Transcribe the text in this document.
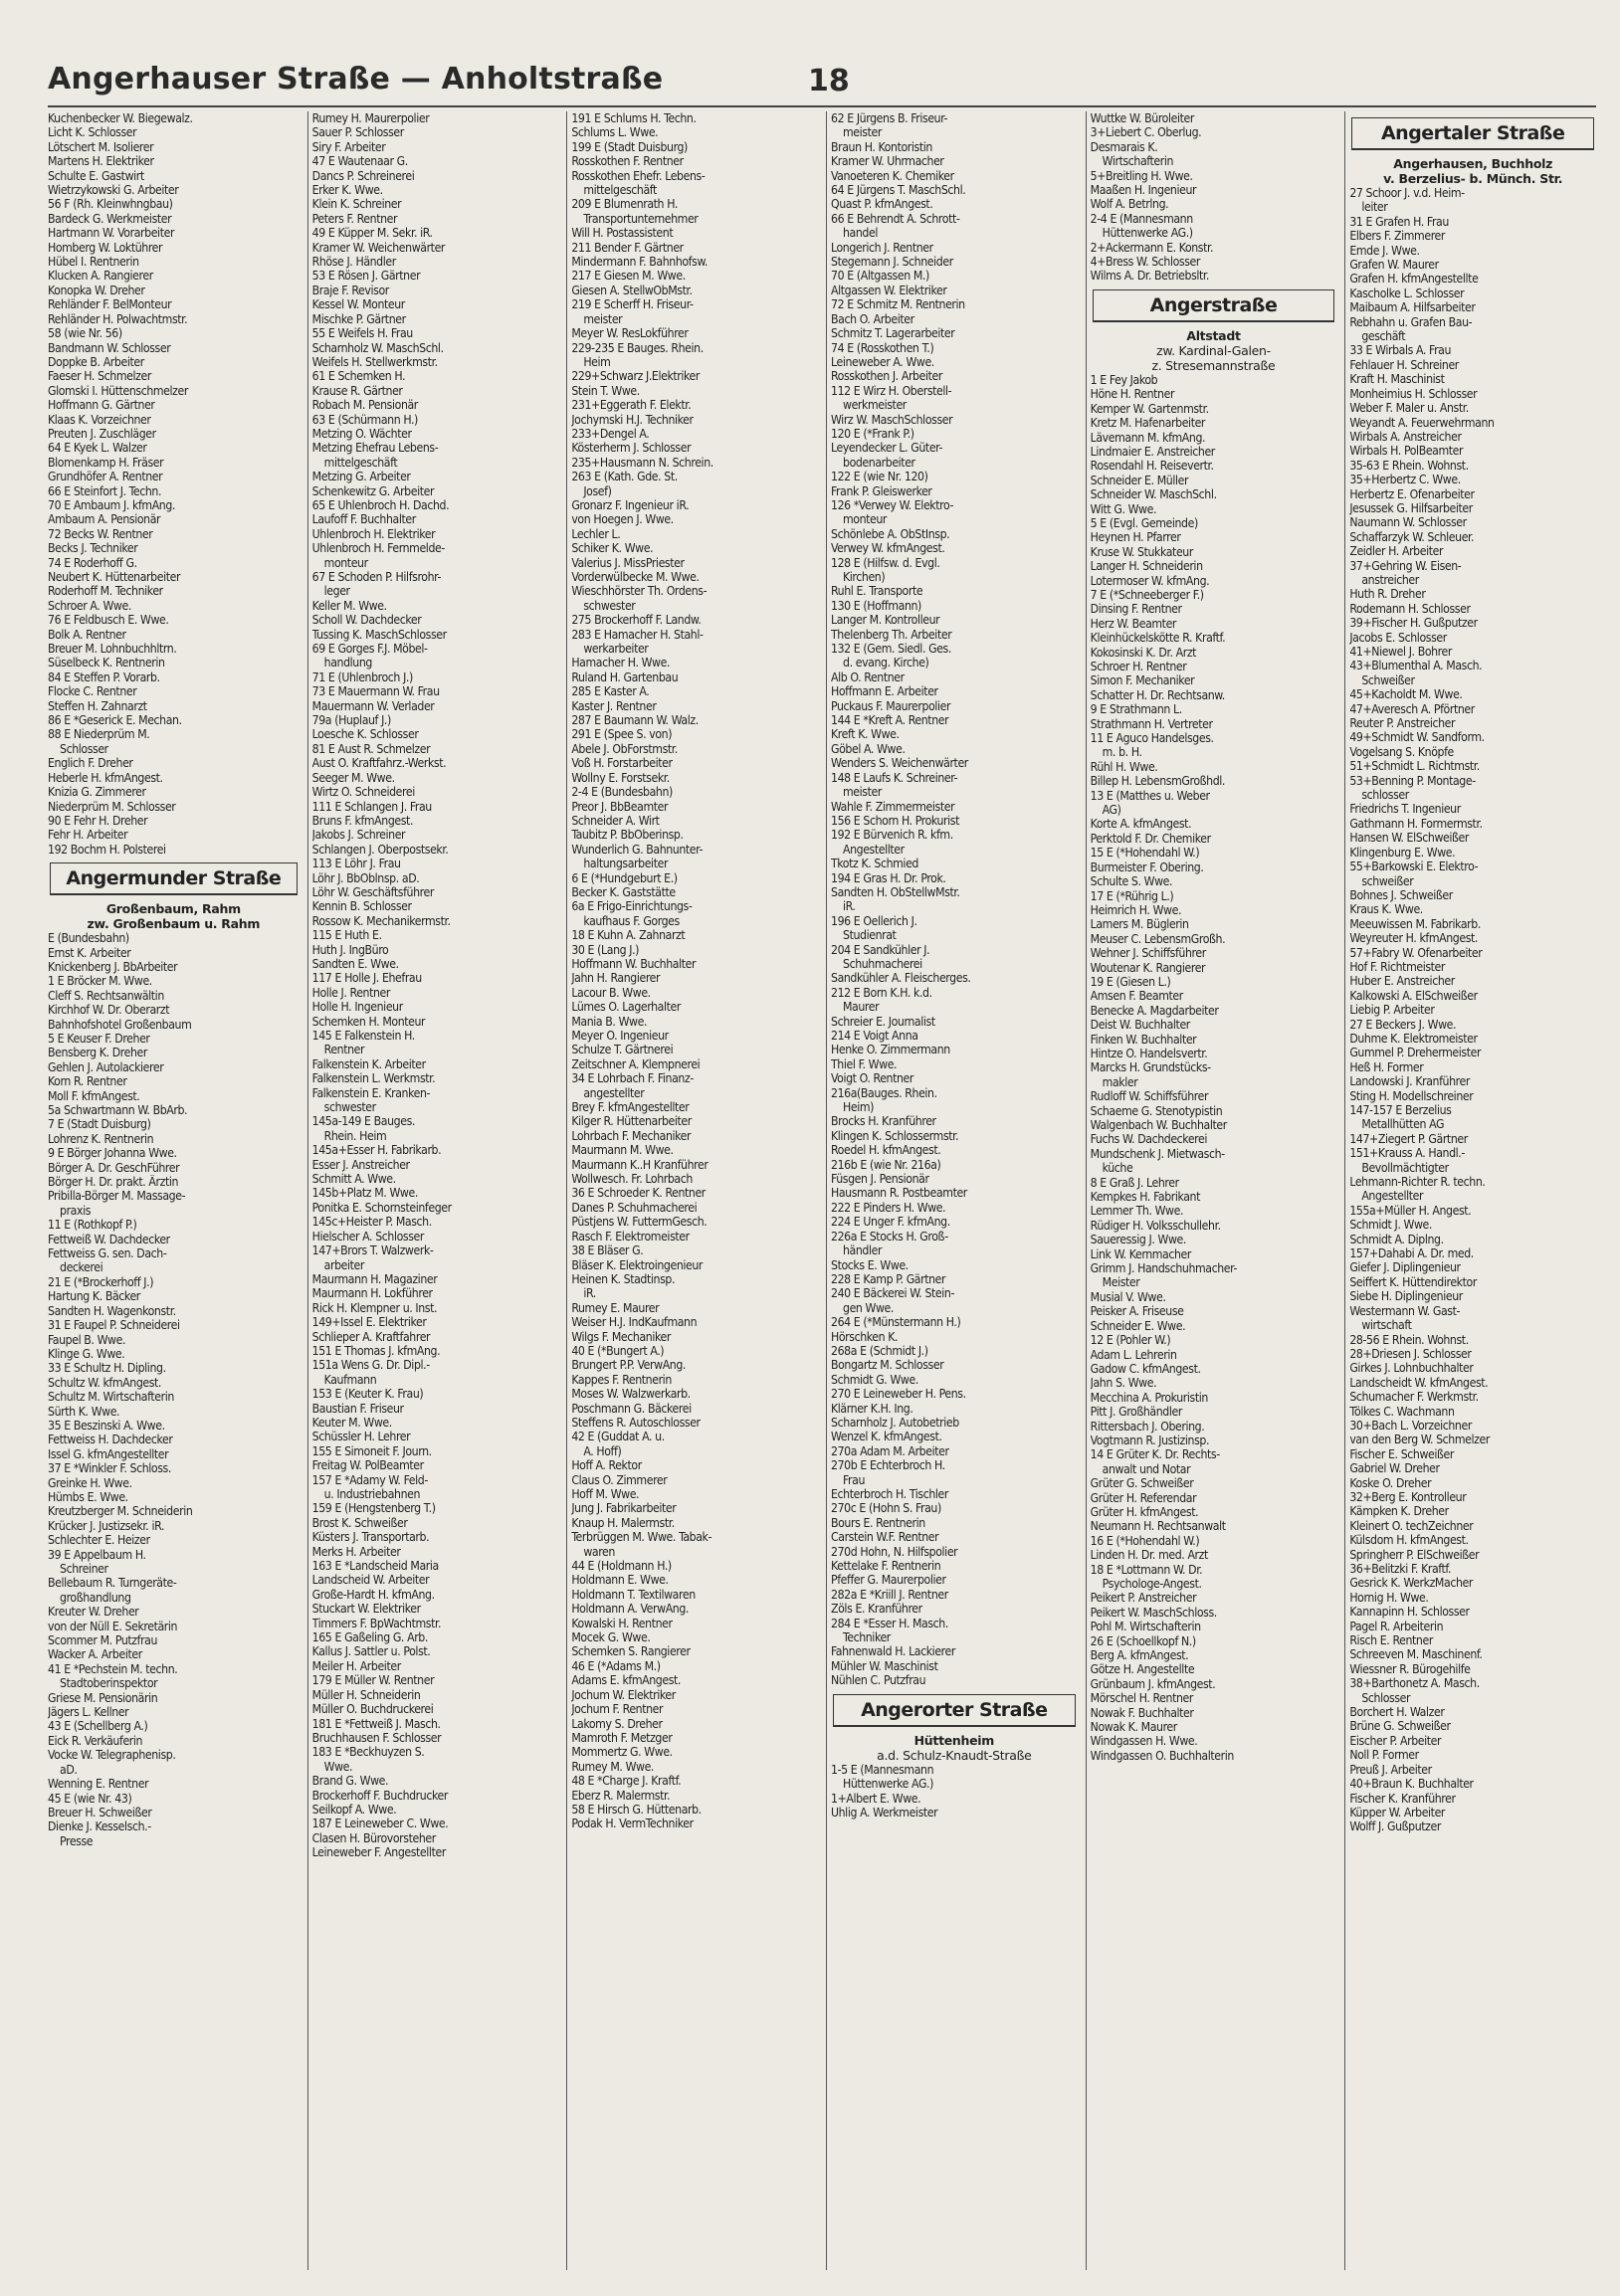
Angerhauser Straße — Anholtstraße	18
Kuchenbecker W. Biegewalz.
Licht K. Schlosser
Lötschert M. Isolierer
Martens H. Elektriker
Schulte E. Gastwirt
Wietrzykowski G. Arbeiter
56 F (Rh. Kleinwhngbau)
Bardeck G. Werkmeister
Hartmann W. Vorarbeiter
Homberg W. Loktührer
Hübel I. Rentnerin
Klucken A. Rangierer
Konopka W. Dreher
Rehländer F. BelMonteur
Rehländer H. Polwachtmstr.
58 (wie Nr. 56)
Bandmann W. Schlosser
Doppke B. Arbeiter
Faeser H. Schmelzer
Glomski I. Hüttenschmelzer
Hoffmann G. Gärtner
Klaas K. Vorzeichner
Preuten J. Zuschläger
64 E Kyek L. Walzer
Blomenkamp H. Fräser
Grundhöfer A. Rentner
66 E Steinfort J. Techn.
70 E Ambaum J. kfmAng.
Ambaum A. Pensionär
72 Becks W. Rentner
Becks J. Techniker
74 E Roderhoff G.
Neubert K. Hüttenarbeiter
Roderhoff M. Techniker
Schroer A. Wwe.
76 E Feldbusch E. Wwe.
Bolk A. Rentner
Breuer M. Lohnbuchhltrn.
Süselbeck K. Rentnerin
84 E Steffen P. Vorarb.
Flocke C. Rentner
Steffen H. Zahnarzt
86 E *Geserick E. Mechan.
88 E Niederprüm M.
Schlosser
Englich F. Dreher
Heberle H. kfmAngest.
Knizia G. Zimmerer
Niederprüm M. Schlosser
90 E Fehr H. Dreher
Fehr H. Arbeiter
192 Bochm H. Polsterei
Angermunder Straße
Großenbaum, Rahm
zw. Großenbaum u. Rahm
E (Bundesbahn)
Ernst K. Arbeiter
Knickenberg J. BbArbeiter
1 E Bröcker M. Wwe.
Cleff S. Rechtsanwältin
Kirchhof W. Dr. Oberarzt
Bahnhofshotel Großenbaum
5 E Keuser F. Dreher
Bensberg K. Dreher
Gehlen J. Autolackierer
Korn R. Rentner
Moll F. kfmAngest.
5a Schwartmann W. BbArb.
7 E (Stadt Duisburg)
Lohrenz K. Rentnerin
9 E Börger Johanna Wwe.
Börger A. Dr. GeschFührer
Börger H. Dr. prakt. Ärztin
Pribilla-Börger M. Massage-
praxis
11 E (Rothkopf P.)
Fettweiß W. Dachdecker
Fettweiss G. sen. Dach-
deckerei
21 E (*Brockerhoff J.)
Hartung K. Bäcker
Sandten H. Wagenkonstr.
31 E Faupel P. Schneiderei
Faupel B. Wwe.
Klinge G. Wwe.
33 E Schultz H. Dipling.
Schultz W. kfmAngest.
Schultz M. Wirtschafterin
Sürth K. Wwe.
35 E Beszinski A. Wwe.
Fettweiss H. Dachdecker
Issel G. kfmAngestellter
37 E *Winkler F. Schloss.
Greinke H. Wwe.
Hümbs E. Wwe.
Kreutzberger M. Schneiderin
Krücker J. Justizsekr. iR.
Schlechter E. Heizer
39 E Appelbaum H.
Schreiner
Bellebaum R. Turngeräte-
großhandlung
Kreuter W. Dreher
von der Nüll E. Sekretärin
Scommer M. Putzfrau
Wacker A. Arbeiter
41 E *Pechstein M. techn.
Stadtoberinspektor
Griese M. Pensionärin
Jägers L. Kellner
43 E (Schellberg A.)
Eick R. Verkäuferin
Vocke W. Telegraphenisp.
aD.
Wenning E. Rentner
45 E (wie Nr. 43)
Breuer H. Schweißer
Dienke J. Kesselsch.-
Presse
Rumey H. Maurerpolier
Sauer P. Schlosser
Siry F. Arbeiter
47 E Wautenaar G.
Dancs P. Schreinerei
Erker K. Wwe.
Klein K. Schreiner
Peters F. Rentner
49 E Küpper M. Sekr. iR.
Kramer W. Weichenwärter
Rhöse J. Händler
53 E Rösen J. Gärtner
Braje F. Revisor
Kessel W. Monteur
Mischke P. Gärtner
55 E Weifels H. Frau
Scharnholz W. MaschSchl.
Weifels H. Stellwerkmstr.
61 E Schemken H.
Krause R. Gärtner
Robach M. Pensionär
63 E (Schürmann H.)
Metzing O. Wächter
Metzing Ehefrau Lebens-
mittelgeschäft
Metzing G. Arbeiter
Schenkewitz G. Arbeiter
65 E Uhlenbroch H. Dachd.
Laufoff F. Buchhalter
Uhlenbroch H. Elektriker
Uhlenbroch H. Fernmelde-
monteur
67 E Schoden P. Hilfsrohr-
leger
Keller M. Wwe.
Scholl W. Dachdecker
Tussing K. MaschSchlosser
69 E Gorges F.J. Möbel-
handlung
71 E (Uhlenbroch J.)
73 E Mauermann W. Frau
Mauermann W. Verlader
79a (Huplauf J.)
Loesche K. Schlosser
81 E Aust R. Schmelzer
Aust O. Kraftfahrz.-Werkst.
Seeger M. Wwe.
Wirtz O. Schneiderei
111 E Schlangen J. Frau
Bruns F. kfmAngest.
Jakobs J. Schreiner
Schlangen J. Oberpostsekr.
113 E Löhr J. Frau
Löhr J. BbOblnsp. aD.
Löhr W. Geschäftsführer
Kennin B. Schlosser
Rossow K. Mechanikermstr.
115 E Huth E.
Huth J. IngBüro
Sandten E. Wwe.
117 E Holle J. Ehefrau
Holle J. Rentner
Holle H. Ingenieur
Schemken H. Monteur
145 E Falkenstein H.
Rentner
Falkenstein K. Arbeiter
Falkenstein L. Werkmstr.
Falkenstein E. Kranken-
schwester
145a-149 E Bauges.
Rhein. Heim
145a+Esser H. Fabrikarb.
Esser J. Anstreicher
Schmitt A. Wwe.
145b+Platz M. Wwe.
Ponitka E. Schornsteinfeger
145c+Heister P. Masch.
Hielscher A. Schlosser
147+Brors T. Walzwerk-
arbeiter
Maurmann H. Magaziner
Maurmann H. Lokführer
Rick H. Klempner u. Inst.
149+Issel E. Elektriker
Schlieper A. Kraftfahrer
151 E Thomas J. kfmAng.
151a Wens G. Dr. Dipl.-
Kaufmann
153 E (Keuter K. Frau)
Baustian F. Friseur
Keuter M. Wwe.
Schüssler H. Lehrer
155 E Simoneit F. Journ.
Freitag W. PolBeamter
157 E *Adamy W. Feld-
u. Industriebahnen
159 E (Hengstenberg T.)
Brost K. Schweißer
Küsters J. Transportarb.
Merks H. Arbeiter
163 E *Landscheid Maria
Landscheid W. Arbeiter
Große-Hardt H. kfmAng.
Stuckart W. Elektriker
Timmers F. BpWachtmstr.
165 E Gaßeling G. Arb.
Kallus J. Sattler u. Polst.
Meiler H. Arbeiter
179 E Müller W. Rentner
Müller H. Schneiderin
Müller O. Buchdruckerei
181 E *Fettweiß J. Masch.
Bruchhausen F. Schlosser
183 E *Beckhuyzen S.
Wwe.
Brand G. Wwe.
Brockerhoff F. Buchdrucker
Seilkopf A. Wwe.
187 E Leineweber C. Wwe.
Clasen H. Bürovorsteher
Leineweber F. Angestellter
191 E Schlums H. Techn.
Schlums L. Wwe.
199 E (Stadt Duisburg)
Rosskothen F. Rentner
Rosskothen Ehefr. Lebens-
mittelgeschäft
209 E Blumenrath H.
Transportunternehmer
Will H. Postassistent
211 Bender F. Gärtner
Mindermann F. Bahnhofsw.
217 E Giesen M. Wwe.
Giesen A. StellwObMstr.
219 E Scherff H. Friseur-
meister
Meyer W. ResLokführer
229-235 E Bauges. Rhein.
Heim
229+Schwarz J.Elektriker
Stein T. Wwe.
231+Eggerath F. Elektr.
Jochymski H.J. Techniker
233+Dengel A.
Kösterherm J. Schlosser
235+Hausmann N. Schrein.
263 E (Kath. Gde. St.
Josef)
Gronarz F. Ingenieur iR.
von Hoegen J. Wwe.
Lechler L.
Schiker K. Wwe.
Valerius J. MissPriester
Vorderwülbecke M. Wwe.
Wieschhörster Th. Ordens-
schwester
275 Brockerhoff F. Landw.
283 E Hamacher H. Stahl-
werkarbeiter
Hamacher H. Wwe.
Ruland H. Gartenbau
285 E Kaster A.
Kaster J. Rentner
287 E Baumann W. Walz.
291 E (Spee S. von)
Abele J. ObForstmstr.
Voß H. Forstarbeiter
Wollny E. Forstsekr.
2-4 E (Bundesbahn)
Preor J. BbBeamter
Schneider A. Wirt
Taubitz P. BbOberinsp.
Wunderlich G. Bahnunter-
haltungsarbeiter
6 E (*Hundgeburt E.)
Becker K. Gaststätte
6a E Frigo-Einrichtungs-
kaufhaus F. Gorges
18 E Kuhn A. Zahnarzt
30 E (Lang J.)
Hoffmann W. Buchhalter
Jahn H. Rangierer
Lacour B. Wwe.
Lümes O. Lagerhalter
Mania B. Wwe.
Meyer O. Ingenieur
Schulze T. Gärtnerei
Zeitschner A. Klempnerei
34 E Lohrbach F. Finanz-
angestellter
Brey F. kfmAngestellter
Kilger R. Hüttenarbeiter
Lohrbach F. Mechaniker
Maurmann M. Wwe.
Maurmann K..H Kranführer
Wollwesch. Fr. Lohrbach
36 E Schroeder K. Rentner
Danes P. Schuhmacherei
Püstjens W. FuttermGesch.
Rasch F. Elektromeister
38 E Bläser G.
Bläser K. Elektroingenieur
Heinen K. Stadtinsp.
iR.
Rumey E. Maurer
Weiser H.J. IndKaufmann
Wilgs F. Mechaniker
40 E (*Bungert A.)
Brungert P.P. VerwAng.
Kappes F. Rentnerin
Moses W. Walzwerkarb.
Poschmann G. Bäckerei
Steffens R. Autoschlosser
42 E (Guddat A. u.
A. Hoff)
Hoff A. Rektor
Claus O. Zimmerer
Hoff M. Wwe.
Jung J. Fabrikarbeiter
Knaup H. Malermstr.
Terbrüggen M. Wwe. Tabak-
waren
44 E (Holdmann H.)
Holdmann E. Wwe.
Holdmann T. Textilwaren
Holdmann A. VerwAng.
Kowalski H. Rentner
Mocek G. Wwe.
Schemken S. Rangierer
46 E (*Adams M.)
Adams E. kfmAngest.
Jochum W. Elektriker
Jochum F. Rentner
Lakomy S. Dreher
Mamroth F. Metzger
Mommertz G. Wwe.
Rumey M. Wwe.
48 E *Charge J. Kraftf.
Eberz R. Malermstr.
58 E Hirsch G. Hüttenarb.
Podak H. VermTechniker
62 E Jürgens B. Friseur-
meister
Braun H. Kontoristin
Kramer W. Uhrmacher
Vanoeteren K. Chemiker
64 E Jürgens T. MaschSchl.
Quast P. kfmAngest.
66 E Behrendt A. Schrott-
handel
Longerich J. Rentner
Stegemann J. Schneider
70 E (Altgassen M.)
Altgassen W. Elektriker
72 E Schmitz M. Rentnerin
Bach O. Arbeiter
Schmitz T. Lagerarbeiter
74 E (Rosskothen T.)
Leineweber A. Wwe.
Rosskothen J. Arbeiter
112 E Wirz H. Oberstell-
werkmeister
Wirz W. MaschSchlosser
120 E (*Frank P.)
Leyendecker L. Güter-
bodenarbeiter
122 E (wie Nr. 120)
Frank P. Gleiswerker
126 *Verwey W. Elektro-
monteur
Schönlebe A. ObStInsp.
Verwey W. kfmAngest.
128 E (Hilfsw. d. Evgl.
Kirchen)
Ruhl E. Transporte
130 E (Hoffmann)
Langer M. Kontrolleur
Thelenberg Th. Arbeiter
132 E (Gem. Siedl. Ges.
d. evang. Kirche)
Alb O. Rentner
Hoffmann E. Arbeiter
Puckaus F. Maurerpolier
144 E *Kreft A. Rentner
Kreft K. Wwe.
Göbel A. Wwe.
Wenders S. Weichenwärter
148 E Laufs K. Schreiner-
meister
Wahle F. Zimmermeister
156 E Schorn H. Prokurist
192 E Bürvenich R. kfm.
Angestellter
Tkotz K. Schmied
194 E Gras H. Dr. Prok.
Sandten H. ObStellwMstr.
iR.
196 E Oellerich J.
Studienrat
204 E Sandkühler J.
Schuhmacherei
Sandkühler A. Fleischerges.
212 E Born K.H. k.d.
Maurer
Schreier E. Journalist
214 E Voigt Anna
Henke O. Zimmermann
Thiel F. Wwe.
Voigt O. Rentner
216a(Bauges. Rhein.
Heim)
Brocks H. Kranführer
Klingen K. Schlossermstr.
Roedel H. kfmAngest.
216b E (wie Nr. 216a)
Füsgen J. Pensionär
Hausmann R. Postbeamter
222 E Pinders H. Wwe.
224 E Unger F. kfmAng.
226a E Stocks H. Groß-
händler
Stocks E. Wwe.
228 E Kamp P. Gärtner
240 E Bäckerei W. Stein-
gen Wwe.
264 E (*Münstermann H.)
Hörschken K.
268a E (Schmidt J.)
Bongartz M. Schlosser
Schmidt G. Wwe.
270 E Leineweber H. Pens.
Klärner K.H. Ing.
Scharnholz J. Autobetrieb
Wenzel K. kfmAngest.
270a Adam M. Arbeiter
270b E Echterbroch H.
Frau
Echterbroch H. Tischler
270c E (Hohn S. Frau)
Bours E. Rentnerin
Carstein W.F. Rentner
270d Hohn, N. Hilfspolier
Kettelake F. Rentnerin
Pfeffer G. Maurerpolier
282a E *Kriill J. Rentner
Zöls E. Kranführer
284 E *Esser H. Masch.
Techniker
Fahnenwald H. Lackierer
Mühler W. Maschinist
Nühlen C. Putzfrau
Angerorter Straße
Hüttenheim
a.d. Schulz-Knaudt-Straße
1-5 E (Mannesmann
Hüttenwerke AG.)
1+Albert E. Wwe.
Uhlig A. Werkmeister
Wuttke W. Büroleiter
3+Liebert C. Oberlug.
Desmarais K.
Wirtschafterin
5+Breitling H. Wwe.
Maaßen H. Ingenieur
Wolf A. Betrlng.
2-4 E (Mannesmann
Hüttenwerke AG.)
2+Ackermann E. Konstr.
4+Bress W. Schlosser
Wilms A. Dr. Betriebsltr.
Angerstraße
Altstadt
zw. Kardinal-Galen-
z. Stresemannstraße
1 E Fey Jakob
Höne H. Rentner
Kemper W. Gartenmstr.
Kretz M. Hafenarbeiter
Lävemann M. kfmAng.
Lindmaier E. Anstreicher
Rosendahl H. Reisevertr.
Schneider E. Müller
Schneider W. MaschSchl.
Witt G. Wwe.
5 E (Evgl. Gemeinde)
Heynen H. Pfarrer
Kruse W. Stukkateur
Langer H. Schneiderin
Lotermoser W. kfmAng.
7 E (*Schneeberger F.)
Dinsing F. Rentner
Herz W. Beamter
Kleinhückelskötte R. Kraftf.
Kokosinski K. Dr. Arzt
Schroer H. Rentner
Simon F. Mechaniker
Schatter H. Dr. Rechtsanw.
9 E Strathmann L.
Strathmann H. Vertreter
11 E Aguco Handelsges.
m. b. H.
Rühl H. Wwe.
Billep H. LebensmGroßhdl.
13 E (Matthes u. Weber
AG)
Korte A. kfmAngest.
Perktold F. Dr. Chemiker
15 E (*Hohendahl W.)
Burmeister F. Obering.
Schulte S. Wwe.
17 E (*Rührig L.)
Heimrich H. Wwe.
Lamers M. Büglerin
Meuser C. LebensmGroßh.
Wehner J. Schiffsführer
Woutenar K. Rangierer
19 E (Giesen L.)
Amsen F. Beamter
Benecke A. Magdarbeiter
Deist W. Buchhalter
Finken W. Buchhalter
Hintze O. Handelsvertr.
Marcks H. Grundstücks-
makler
Rudloff W. Schiffsführer
Schaeme G. Stenotypistin
Walgenbach W. Buchhalter
Fuchs W. Dachdeckerei
Mundschenk J. Mietwasch-
küche
8 E Graß J. Lehrer
Kempkes H. Fabrikant
Lemmer Th. Wwe.
Rüdiger H. Volksschullehr.
Saueressig J. Wwe.
Link W. Kernmacher
Grimm J. Handschuhmacher-
Meister
Musial V. Wwe.
Peisker A. Friseuse
Schneider E. Wwe.
12 E (Pohler W.)
Adam L. Lehrerin
Gadow C. kfmAngest.
Jahn S. Wwe.
Mecchina A. Prokuristin
Pitt J. Großhändler
Rittersbach J. Obering.
Vogtmann R. Justizinsp.
14 E Grüter K. Dr. Rechts-
anwalt und Notar
Grüter G. Schweißer
Grüter H. Referendar
Grüter H. kfmAngest.
Neumann H. Rechtsanwalt
16 E (*Hohendahl W.)
Linden H. Dr. med. Arzt
18 E *Lottmann W. Dr.
Psychologe-Angest.
Peikert P. Anstreicher
Peikert W. MaschSchloss.
Pohl M. Wirtschafterin
26 E (Schoellkopf N.)
Berg A. kfmAngest.
Götze H. Angestellte
Grünbaum J. kfmAngest.
Mörschel H. Rentner
Nowak F. Buchhalter
Nowak K. Maurer
Windgassen H. Wwe.
Windgassen O. Buchhalterin
Angertaler Straße
Angerhausen, Buchholz
v. Berzelius- b. Münch. Str.
27 Schoor J. v.d. Heim-
leiter
31 E Grafen H. Frau
Elbers F. Zimmerer
Emde J. Wwe.
Grafen W. Maurer
Grafen H. kfmAngestellte
Kascholke L. Schlosser
Maibaum A. Hilfsarbeiter
Rebhahn u. Grafen Bau-
geschäft
33 E Wirbals A. Frau
Fehlauer H. Schreiner
Kraft H. Maschinist
Monheimius H. Schlosser
Weber F. Maler u. Anstr.
Weyandt A. Feuerwehrmann
Wirbals A. Anstreicher
Wirbals H. PolBeamter
35-63 E Rhein. Wohnst.
35+Herbertz C. Wwe.
Herbertz E. Ofenarbeiter
Jesussek G. Hilfsarbeiter
Naumann W. Schlosser
Schaffarzyk W. Schleuer.
Zeidler H. Arbeiter
37+Gehring W. Eisen-
anstreicher
Huth R. Dreher
Rodemann H. Schlosser
39+Fischer H. Gußputzer
Jacobs E. Schlosser
41+Niewel J. Bohrer
43+Blumenthal A. Masch.
Schweißer
45+Kacholdt M. Wwe.
47+Averesch A. Pförtner
Reuter P. Anstreicher
49+Schmidt W. Sandform.
Vogelsang S. Knöpfe
51+Schmidt L. Richtmstr.
53+Benning P. Montage-
schlosser
Friedrichs T. Ingenieur
Gathmann H. Formermstr.
Hansen W. ElSchweißer
Klingenburg E. Wwe.
55+Barkowski E. Elektro-
schweißer
Bohnes J. Schweißer
Kraus K. Wwe.
Meeuwissen M. Fabrikarb.
Weyreuter H. kfmAngest.
57+Fabry W. Ofenarbeiter
Hof F. Richtmeister
Huber E. Anstreicher
Kalkowski A. ElSchweißer
Liebig P. Arbeiter
27 E Beckers J. Wwe.
Duhme K. Elektromeister
Gummel P. Drehermeister
Heß H. Former
Landowski J. Kranführer
Sting H. Modellschreiner
147-157 E Berzelius
Metallhütten AG
147+Ziegert P. Gärtner
151+Krauss A. Handl.-
Bevollmächtigter
Lehmann-Richter R. techn.
Angestellter
155a+Müller H. Angest.
Schmidt J. Wwe.
Schmidt A. Diplng.
157+Dahabi A. Dr. med.
Giefer J. Diplingenieur
Seiffert K. Hüttendirektor
Siebe H. Diplingenieur
Westermann W. Gast-
wirtschaft
28-56 E Rhein. Wohnst.
28+Driesen J. Schlosser
Girkes J. Lohnbuchhalter
Landscheidt W. kfmAngest.
Schumacher F. Werkmstr.
Tölkes C. Wachmann
30+Bach L. Vorzeichner
van den Berg W. Schmelzer
Fischer E. Schweißer
Gabriel W. Dreher
Koske O. Dreher
32+Berg E. Kontrolleur
Kämpken K. Dreher
Kleinert O. techZeichner
Külsdom H. kfmAngest.
Springherr P. ElSchweißer
36+Belitzki F. Kraftf.
Gesrick K. WerkzMacher
Hornig H. Wwe.
Kannapinn H. Schlosser
Pagel R. Arbeiterin
Risch E. Rentner
Schreeven M. Maschinenf.
Wiessner R. Bürogehilfe
38+Barthonetz A. Masch.
Schlosser
Borchert H. Walzer
Brüne G. Schweißer
Eischer P. Arbeiter
Noll P. Former
Preuß J. Arbeiter
40+Braun K. Buchhalter
Fischer K. Kranführer
Küpper W. Arbeiter
Wolff J. Gußputzer
